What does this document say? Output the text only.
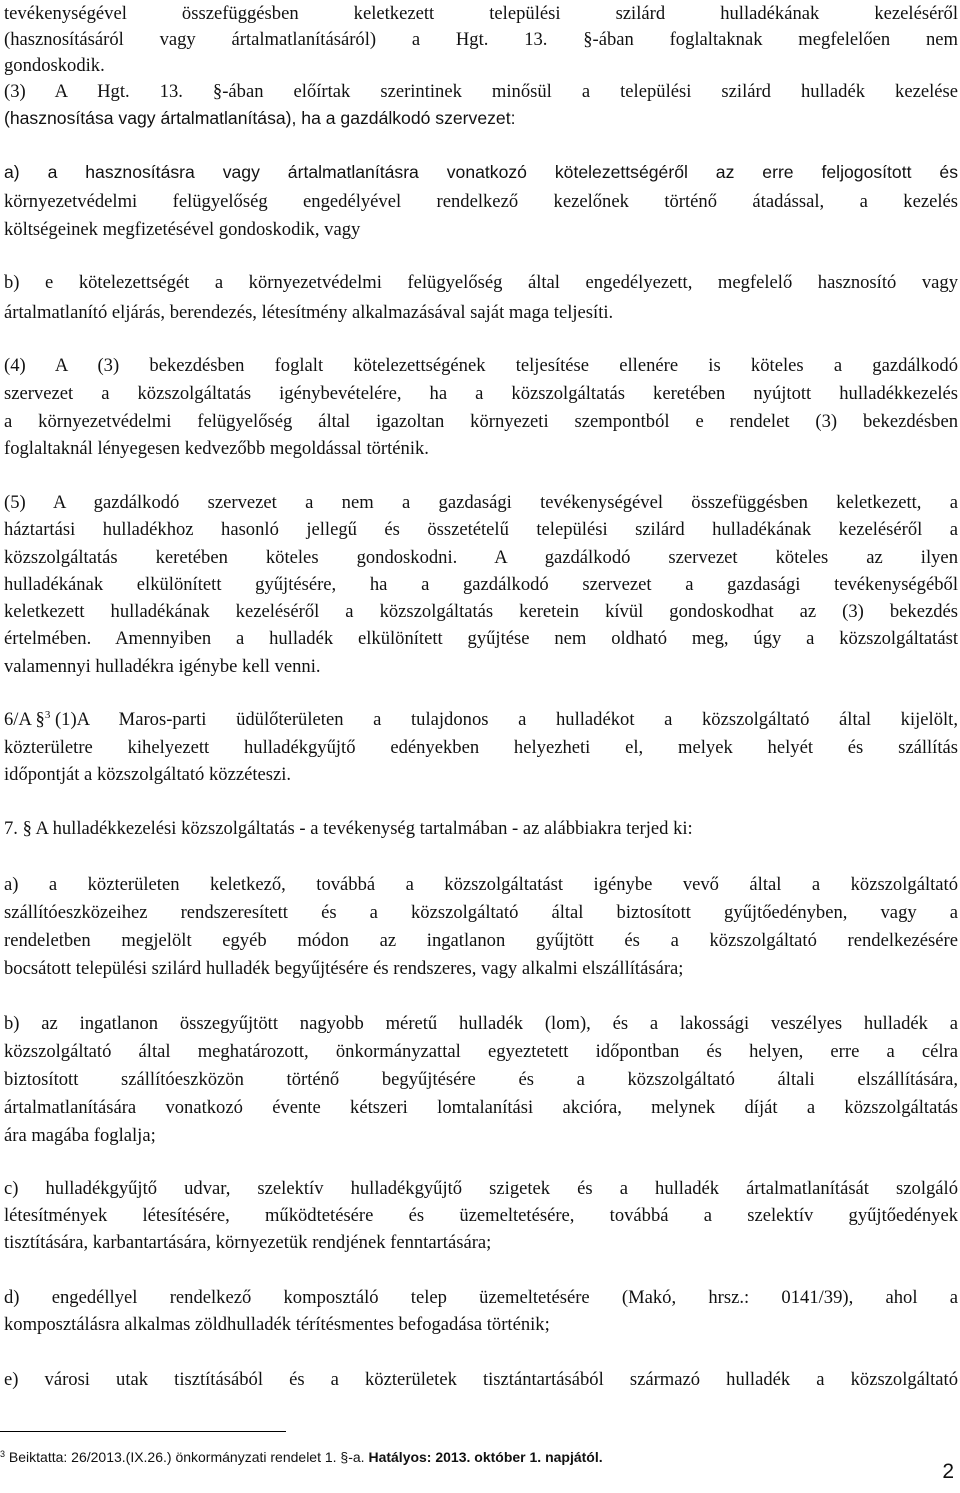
tevékenységével összefüggésben keletkezett települési szilárd hulladékának kezeléséről

(hasznosításáról vagy ártalmatlanításáról) a Hgt. 13. §-ában foglaltaknak megfelelően nem

gondoskodik.

(3) A Hgt. 13. §-ában előírtak szerintinek minősül a települési szilárd hulladék kezelése

(hasznosítása vagy ártalmatlanítása), ha a gazdálkodó szervezet:

a) a hasznosításra vagy ártalmatlanításra vonatkozó kötelezettségéről az erre feljogosított és

környezetvédelmi felügyelőség engedélyével rendelkező kezelőnek történő átadással, a kezelés

költségeinek megfizetésével gondoskodik, vagy

b) e kötelezettségét a környezetvédelmi felügyelőség által engedélyezett, megfelelő hasznosító vagy

ártalmatlanító eljárás, berendezés, létesítmény alkalmazásával saját maga teljesíti.

(4) A (3) bekezdésben foglalt kötelezettségének teljesítése ellenére is köteles a gazdálkodó

szervezet a közszolgáltatás igénybevételére, ha a közszolgáltatás keretében nyújtott hulladékkezelés

a környezetvédelmi felügyelőség által igazoltan környezeti szempontból e rendelet (3) bekezdésben

foglaltaknál lényegesen kedvezőbb megoldással történik.

(5) A gazdálkodó szervezet a nem a gazdasági tevékenységével összefüggésben keletkezett, a

háztartási hulladékhoz hasonló jellegű és összetételű települési szilárd hulladékának kezeléséről a

közszolgáltatás keretében köteles gondoskodni. A gazdálkodó szervezet köteles az ilyen

hulladékának elkülönített gyűjtésére, ha a gazdálkodó szervezet a gazdasági tevékenységéből

keletkezett hulladékának kezeléséről a közszolgáltatás keretein kívül gondoskodhat az (3) bekezdés

értelmében. Amennyiben a hulladék elkülönített gyűjtése nem oldható meg, úgy a közszolgáltatást

valamennyi hulladékra igénybe kell venni.

6/A §$^3$ (1)A Maros-parti üdülőterületen a tulajdonos a hulladékot a közszolgáltató által kijelölt,

közterületre kihelyezett hulladékgyűjtő edényekben helyezheti el, melyek helyét és szállítás

időpontját a közszolgáltató közzéteszi.

7. § A hulladékkezelési közszolgáltatás - a tevékenység tartalmában - az alábbiakra terjed ki:

a) a közterületen keletkező, továbbá a közszolgáltatást igénybe vevő által a közszolgáltató

szállítóeszközeihez rendszeresített és a közszolgáltató által biztosított gyűjtőedényben, vagy a

rendeletben megjelölt egyéb módon az ingatlanon gyűjtött és a közszolgáltató rendelkezésére

bocsátott települési szilárd hulladék begyűjtésére és rendszeres, vagy alkalmi elszállítására;

b) az ingatlanon összegyűjtött nagyobb méretű hulladék (lom), és a lakossági veszélyes hulladék a

közszolgáltató által meghatározott, önkormányzattal egyeztetett időpontban és helyen, erre a célra

biztosított szállítóeszközön történő begyűjtésére és a közszolgáltató általi elszállítására,

ártalmatlanítására vonatkozó évente kétszeri lomtalanítási akcióra, melynek díját a közszolgáltatás

ára magába foglalja;

c) hulladékgyűjtő udvar, szelektív hulladékgyűjtő szigetek és a hulladék ártalmatlanítását szolgáló

létesítmények létesítésére, működtetésére és üzemeltetésére, továbbá a szelektív gyűjtőedények

tisztítására, karbantartására, környezetük rendjének fenntartására;

d) engedéllyel rendelkező komposztáló telep üzemeltetésére (Makó, hrsz.: 0141/39), ahol a

komposztálásra alkalmas zöldhulladék térítésmentes befogadása történik;

e) városi utak tisztításából és a közterületek tisztántartásából származó hulladék a közszolgáltató

$^3$ Beiktatta: 26/2013.(IX.26.) önkormányzati rendelet 1. §-a. Hatályos: 2013. október 1. napjától.

2
